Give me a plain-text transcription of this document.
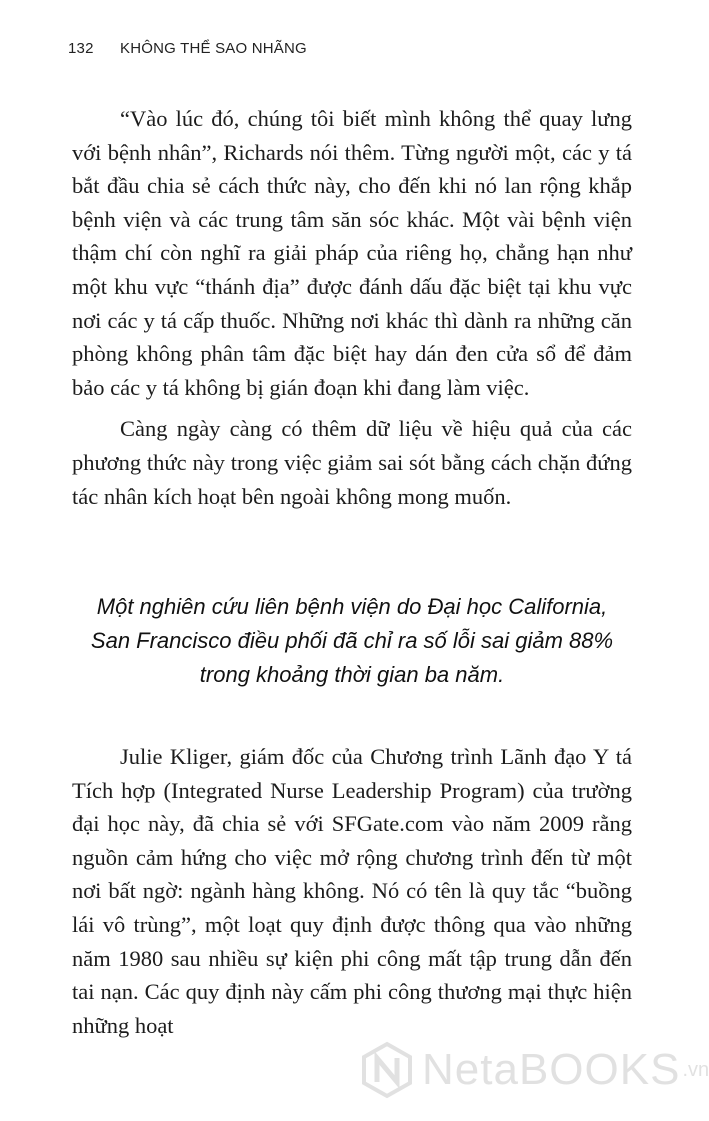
132 KHÔNG THỂ SAO NHÃNG

“Vào lúc đó, chúng tôi biết mình không thể quay lưng với bệnh nhân”, Richards nói thêm. Từng người một, các y tá bắt đầu chia sẻ cách thức này, cho đến khi nó lan rộng khắp bệnh viện và các trung tâm săn sóc khác. Một vài bệnh viện thậm chí còn nghĩ ra giải pháp của riêng họ, chẳng hạn như một khu vực “thánh địa” được đánh dấu đặc biệt tại khu vực nơi các y tá cấp thuốc. Những nơi khác thì dành ra những căn phòng không phân tâm đặc biệt hay dán đen cửa sổ để đảm bảo các y tá không bị gián đoạn khi đang làm việc.

Càng ngày càng có thêm dữ liệu về hiệu quả của các phương thức này trong việc giảm sai sót bằng cách chặn đứng tác nhân kích hoạt bên ngoài không mong muốn.

Một nghiên cứu liên bệnh viện do Đại học California,
San Francisco điều phối đã chỉ ra số lỗi sai giảm 88%
trong khoảng thời gian ba năm.

Julie Kliger, giám đốc của Chương trình Lãnh đạo Y tá Tích hợp (Integrated Nurse Leadership Program) của trường đại học này, đã chia sẻ với SFGate.com vào năm 2009 rằng nguồn cảm hứng cho việc mở rộng chương trình đến từ một nơi bất ngờ: ngành hàng không. Nó có tên là quy tắc “buồng lái vô trùng”, một loạt quy định được thông qua vào những năm 1980 sau nhiều sự kiện phi công mất tập trung dẫn đến tai nạn. Các quy định này cấm phi công thương mại thực hiện những hoạt

NetaBOOKS .vn
